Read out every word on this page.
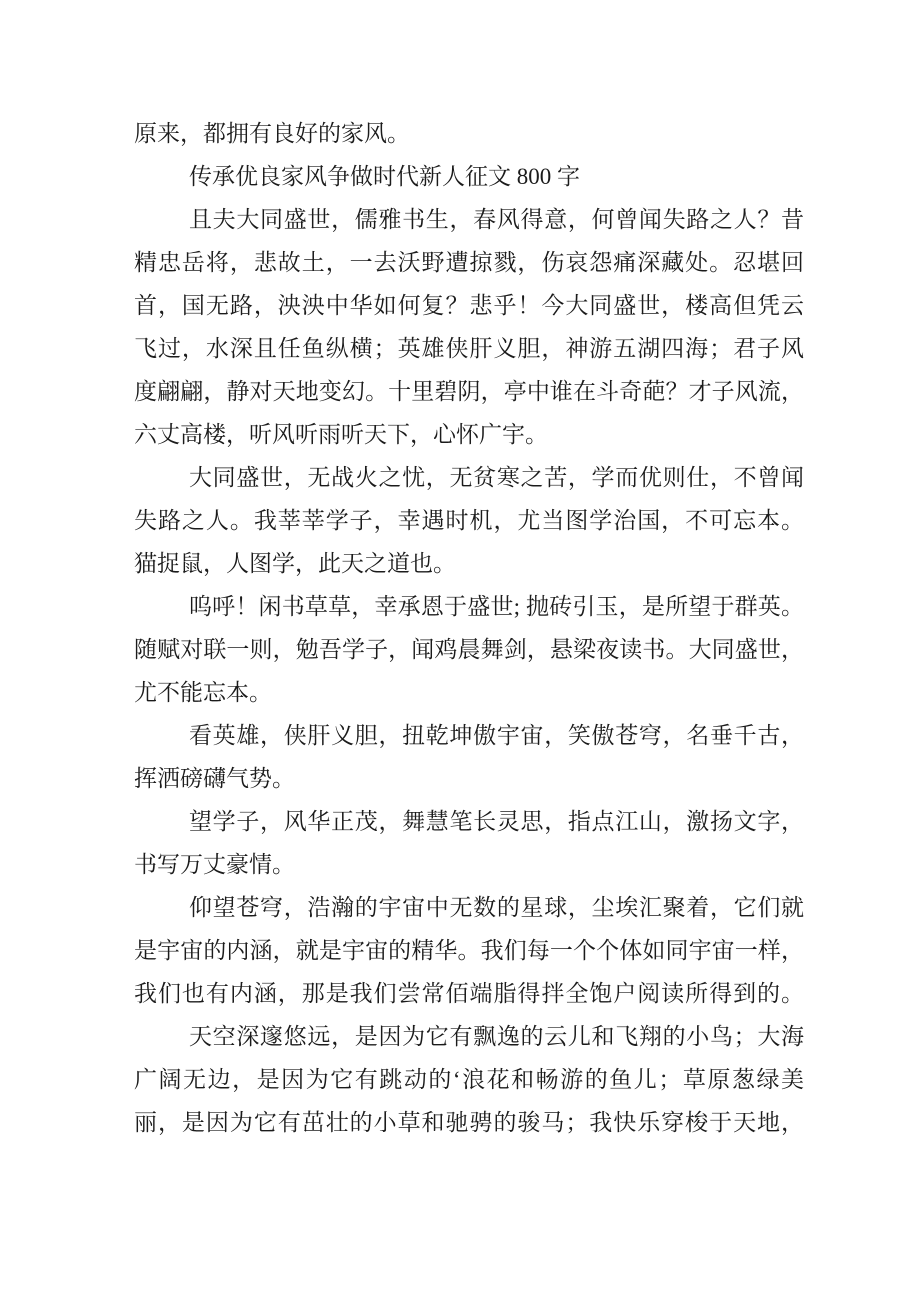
原来，都拥有良好的家风。
传承优良家风争做时代新人征文 800 字
且夫大同盛世，儒雅书生，春风得意，何曾闻失路之人？昔
精忠岳将，悲故土，一去沃野遭掠戮，伤哀怨痛深藏处。忍堪回
首，国无路，泱泱中华如何复？悲乎！今大同盛世，楼高但凭云
飞过，水深且任鱼纵横；英雄侠肝义胆，神游五湖四海；君子风
度翩翩，静对天地变幻。十里碧阴，亭中谁在斗奇葩？才子风流，
六丈高楼，听风听雨听天下，心怀广宇。
大同盛世，无战火之忧，无贫寒之苦，学而优则仕，不曾闻
失路之人。我莘莘学子，幸遇时机，尤当图学治国，不可忘本。
猫捉鼠，人图学，此天之道也。
呜呼！闲书草草，幸承恩于盛世; 抛砖引玉，是所望于群英。
随赋对联一则，勉吾学子，闻鸡晨舞剑，悬梁夜读书。大同盛世，
尤不能忘本。
看英雄，侠肝义胆，扭乾坤傲宇宙，笑傲苍穹，名垂千古，
挥洒磅礴气势。
望学子，风华正茂，舞慧笔长灵思，指点江山，激扬文字，
书写万丈豪情。
仰望苍穹，浩瀚的宇宙中无数的星球，尘埃汇聚着，它们就
是宇宙的内涵，就是宇宙的精华。我们每一个个体如同宇宙一样，
我们也有内涵，那是我们尝常佰端脂得拌全饱户阅读所得到的。
天空深邃悠远，是因为它有飘逸的云儿和飞翔的小鸟；大海
广阔无边，是因为它有跳动的‘浪花和畅游的鱼儿；草原葱绿美
丽，是因为它有茁壮的小草和驰骋的骏马；我快乐穿梭于天地，
